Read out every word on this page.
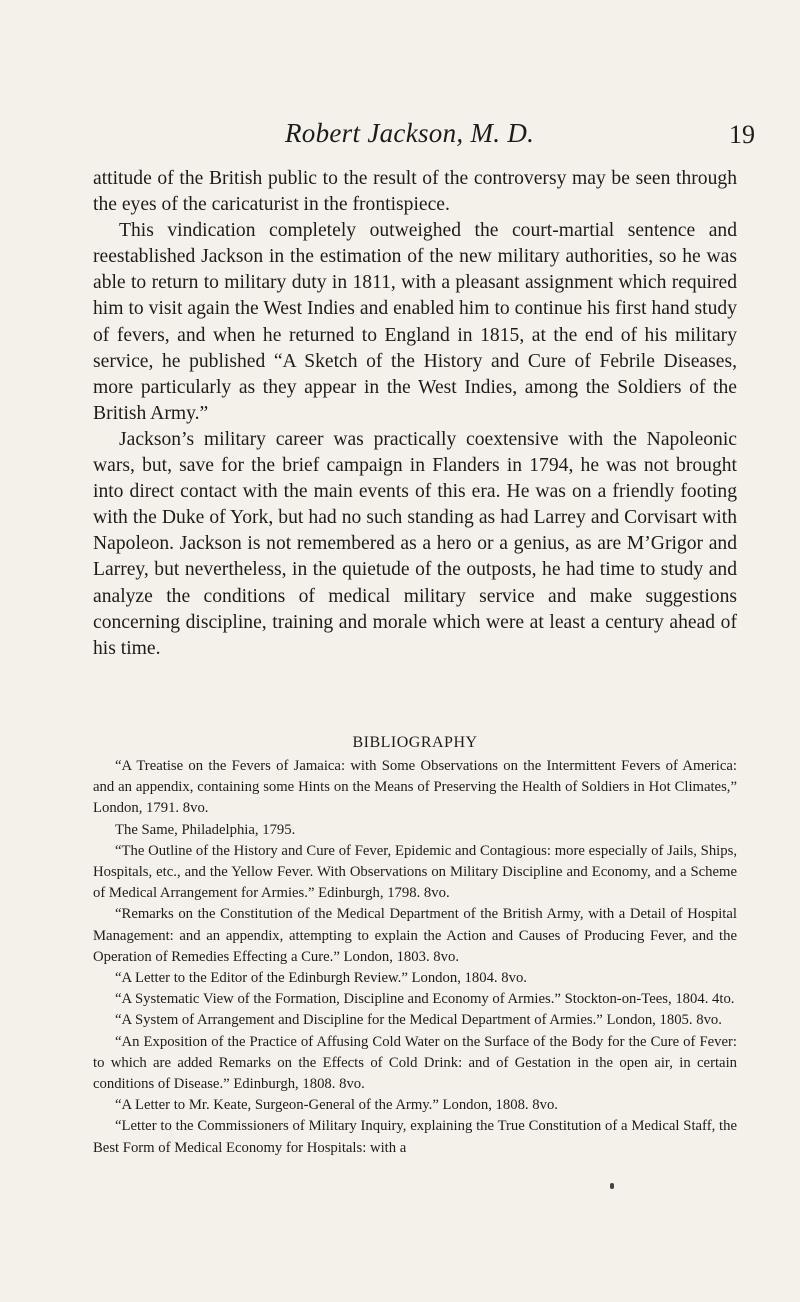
Robert Jackson, M. D.	19

attitude of the British public to the result of the controversy may be seen through the eyes of the caricaturist in the frontispiece.

This vindication completely outweighed the court-martial sentence and reestablished Jackson in the estimation of the new military authorities, so he was able to return to military duty in 1811, with a pleasant assignment which required him to visit again the West Indies and enabled him to continue his first hand study of fevers, and when he returned to England in 1815, at the end of his military service, he published “A Sketch of the History and Cure of Febrile Diseases, more particularly as they appear in the West Indies, among the Soldiers of the British Army.”

Jackson’s military career was practically coextensive with the Napoleonic wars, but, save for the brief campaign in Flanders in 1794, he was not brought into direct contact with the main events of this era. He was on a friendly footing with the Duke of York, but had no such standing as had Larrey and Corvisart with Napoleon. Jackson is not remembered as a hero or a genius, as are M’Grigor and Larrey, but nevertheless, in the quietude of the outposts, he had time to study and analyze the conditions of medical military service and make suggestions concerning discipline, training and morale which were at least a century ahead of his time.

BIBLIOGRAPHY

“A Treatise on the Fevers of Jamaica: with Some Observations on the Intermittent Fevers of America: and an appendix, containing some Hints on the Means of Preserving the Health of Soldiers in Hot Climates,” London, 1791. 8vo.

The Same, Philadelphia, 1795.

“The Outline of the History and Cure of Fever, Epidemic and Contagious: more especially of Jails, Ships, Hospitals, etc., and the Yellow Fever. With Observations on Military Discipline and Economy, and a Scheme of Medical Arrangement for Armies.” Edinburgh, 1798. 8vo.

“Remarks on the Constitution of the Medical Department of the British Army, with a Detail of Hospital Management: and an appendix, attempting to explain the Action and Causes of Producing Fever, and the Operation of Remedies Effecting a Cure.” London, 1803. 8vo.

“A Letter to the Editor of the Edinburgh Review.” London, 1804. 8vo.

“A Systematic View of the Formation, Discipline and Economy of Armies.” Stockton-on-Tees, 1804. 4to.

“A System of Arrangement and Discipline for the Medical Department of Armies.” London, 1805. 8vo.

“An Exposition of the Practice of Affusing Cold Water on the Surface of the Body for the Cure of Fever: to which are added Remarks on the Effects of Cold Drink: and of Gestation in the open air, in certain conditions of Disease.” Edinburgh, 1808. 8vo.

“A Letter to Mr. Keate, Surgeon-General of the Army.” London, 1808. 8vo.

“Letter to the Commissioners of Military Inquiry, explaining the True Constitution of a Medical Staff, the Best Form of Medical Economy for Hospitals: with a
